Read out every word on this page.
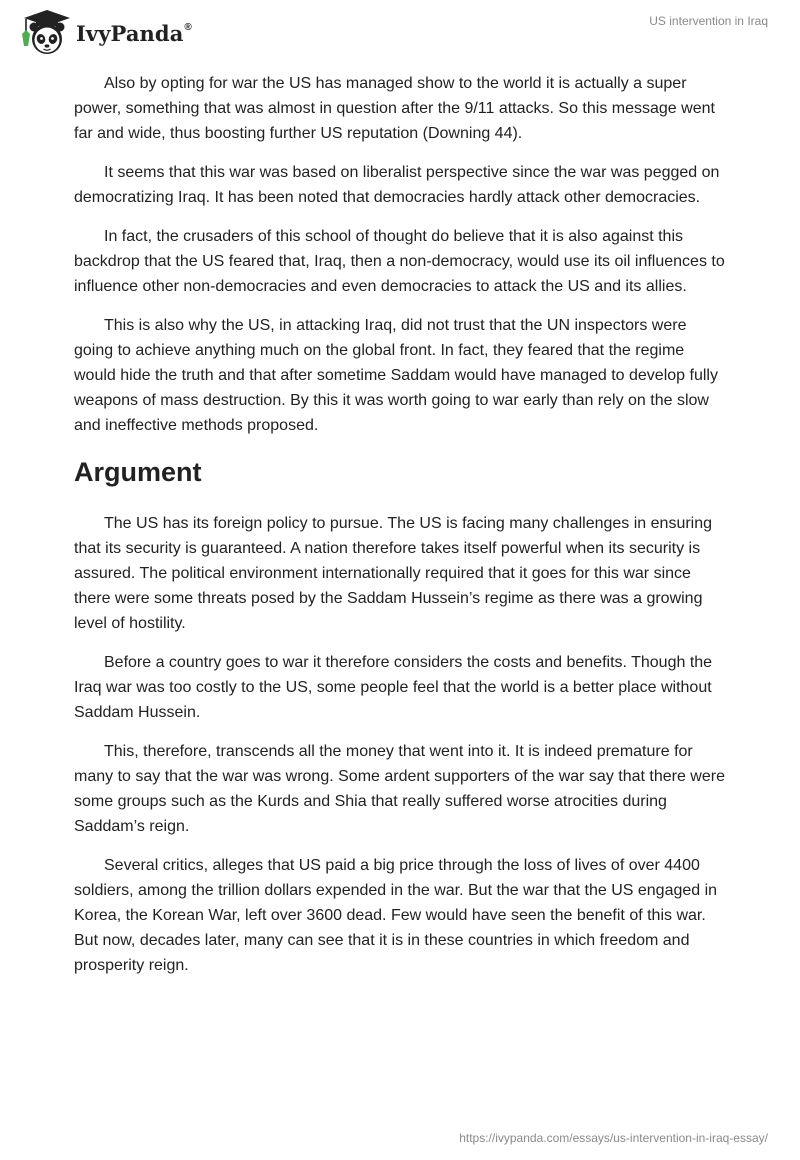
IvyPanda®	US intervention in Iraq

Also by opting for war the US has managed show to the world it is actually a super power, something that was almost in question after the 9/11 attacks. So this message went far and wide, thus boosting further US reputation (Downing 44).

It seems that this war was based on liberalist perspective since the war was pegged on democratizing Iraq. It has been noted that democracies hardly attack other democracies.

In fact, the crusaders of this school of thought do believe that it is also against this backdrop that the US feared that, Iraq, then a non-democracy, would use its oil influences to influence other non-democracies and even democracies to attack the US and its allies.

This is also why the US, in attacking Iraq, did not trust that the UN inspectors were going to achieve anything much on the global front. In fact, they feared that the regime would hide the truth and that after sometime Saddam would have managed to develop fully weapons of mass destruction. By this it was worth going to war early than rely on the slow and ineffective methods proposed.

Argument

The US has its foreign policy to pursue. The US is facing many challenges in ensuring that its security is guaranteed. A nation therefore takes itself powerful when its security is assured. The political environment internationally required that it goes for this war since there were some threats posed by the Saddam Hussein’s regime as there was a growing level of hostility.

Before a country goes to war it therefore considers the costs and benefits. Though the Iraq war was too costly to the US, some people feel that the world is a better place without Saddam Hussein.

This, therefore, transcends all the money that went into it. It is indeed premature for many to say that the war was wrong. Some ardent supporters of the war say that there were some groups such as the Kurds and Shia that really suffered worse atrocities during Saddam’s reign.

Several critics, alleges that US paid a big price through the loss of lives of over 4400 soldiers, among the trillion dollars expended in the war. But the war that the US engaged in Korea, the Korean War, left over 3600 dead. Few would have seen the benefit of this war. But now, decades later, many can see that it is in these countries in which freedom and prosperity reign.

https://ivypanda.com/essays/us-intervention-in-iraq-essay/
